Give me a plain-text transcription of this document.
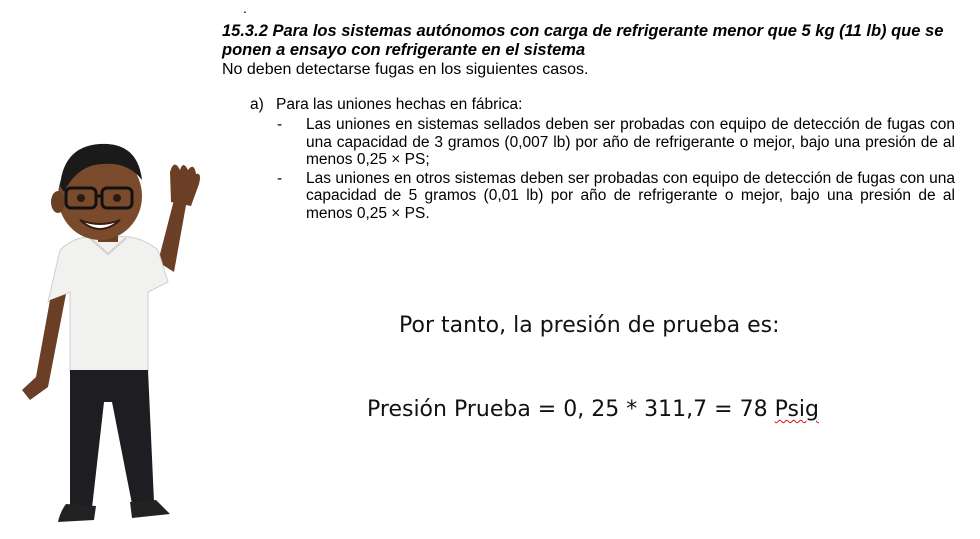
.

15.3.2 Para los sistemas autónomos con carga de refrigerante menor que 5 kg (11 lb) que se ponen a ensayo con refrigerante en el sistema

No deben detectarse fugas en los siguientes casos.

a) Para las uniones hechas en fábrica:
- Las uniones en sistemas sellados deben ser probadas con equipo de detección de fugas con una capacidad de 3 gramos (0,007 lb) por año de refrigerante o mejor, bajo una presión de al menos 0,25 × PS;
- Las uniones en otros sistemas deben ser probadas con equipo de detección de fugas con una capacidad de 5 gramos (0,01 lb) por año de refrigerante o mejor, bajo una presión de al menos 0,25 × PS.
Por tanto, la presión de prueba es:
Presión Prueba = 0, 25 * 311,7 = 78 Psig
